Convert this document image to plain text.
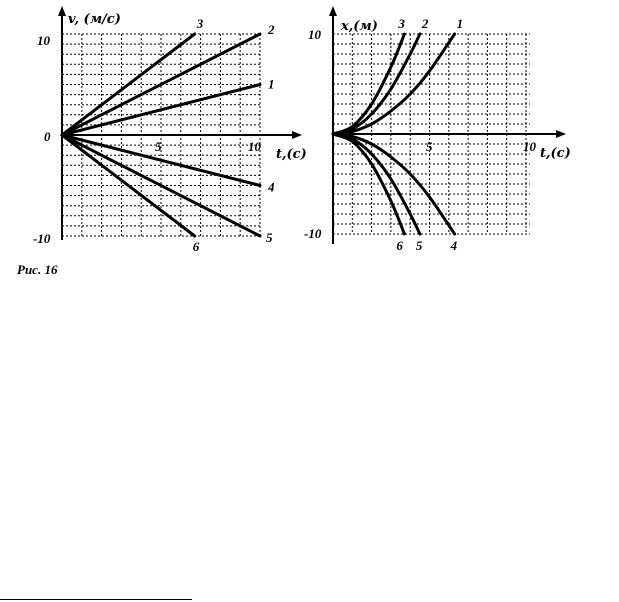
v, (м/с)
t,(с)
5	10
10
0
-10
1
2
3
4
5
6
x,(м)
t,(с)
5	10
10
-10
1
2
3
4
5
6
Рис. 16
